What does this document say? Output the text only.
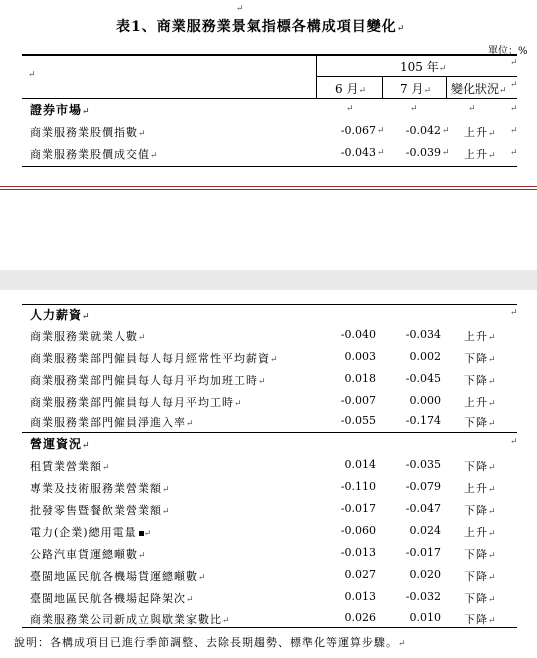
↵
表1、商業服務業景氣指標各構成項目變化↵
單位：%
↵
105 年↵
↵
6 月↵	7 月↵ 變化狀況↵
↵
證券市場↵	↵	↵	↵	↵
商業服務業股價指數↵	-0.067 ↵	-0.042 ↵ 上升↵ ↵
商業服務業股價成交值↵	-0.043 ↵	-0.039 ↵ 上升↵ ↵
人力薪資↵	↵
商業服務業就業人數↵	-0.040	-0.034 上升↵
商業服務業部門僱員每人每月經常性平均薪資↵	0.003	0.002 下降↵
商業服務業部門僱員每人每月平均加班工時↵	0.018	-0.045 下降↵
商業服務業部門僱員每人每月平均工時↵	-0.007	0.000 上升↵
商業服務業部門僱員淨進入率↵	-0.055	-0.174 下降↵
營運資況↵	↵
租賃業營業額↵	0.014	-0.035 下降↵
專業及技術服務業營業額↵	-0.110	-0.079 上升↵
批發零售暨餐飲業營業額↵	-0.017	-0.047 下降↵
電力(企業)總用電量 ↵	-0.060	0.024 上升↵
公路汽車貨運總噸數↵	-0.013	-0.017 下降↵
臺閩地區民航各機場貨運總噸數↵	0.027	0.020 下降↵
臺閩地區民航各機場起降架次↵	0.013	-0.032 下降↵
商業服務業公司新成立與歇業家數比↵	0.026	0.010 下降↵
說明：各構成項目已進行季節調整、去除長期趨勢、標準化等運算步驟。↵
